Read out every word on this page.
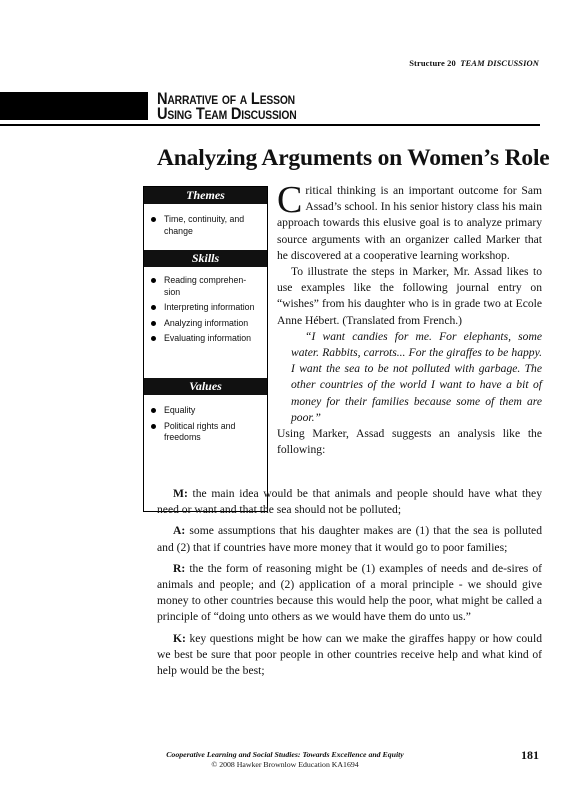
Structure 20 TEAM DISCUSSION
Narrative of a Lesson
Using Team Discussion
Analyzing Arguments on Women’s Role
Themes
Time, continuity, and change
Skills
Reading comprehen-sion
Interpreting information
Analyzing information
Evaluating information
Values
Equality
Political rights and freedoms

Critical thinking is an important outcome for Sam Assad’s school. In his senior history class his main approach towards this elusive goal is to analyze primary source arguments with an organizer called Marker that he discovered at a cooperative learning workshop.

To illustrate the steps in Marker, Mr. Assad likes to use examples like the following journal entry on “wishes” from his daughter who is in grade two at Ecole Anne Hébert. (Translated from French.)

“I want candies for me. For elephants, some water. Rabbits, carrots... For the giraffes to be happy. I want the sea to be not polluted with garbage. The other countries of the world I want to have a bit of money for their families because some of them are poor.”

Using Marker, Assad suggests an analysis like the following:

M: the main idea would be that animals and people should have what they need or want and that the sea should not be polluted;

A: some assumptions that his daughter makes are (1) that the sea is polluted and (2) that if countries have more money that it would go to poor families;

R: the the form of reasoning might be (1) examples of needs and de-sires of animals and people; and (2) application of a moral principle - we should give money to other countries because this would help the poor, what might be called a principle of “doing unto others as we would have them do unto us.”

K: key questions might be how can we make the giraffes happy or how could we best be sure that poor people in other countries receive help and what kind of help would be the best;

Cooperative Learning and Social Studies: Towards Excellence and Equity
© 2008 Hawker Brownlow Education KA1694
181
